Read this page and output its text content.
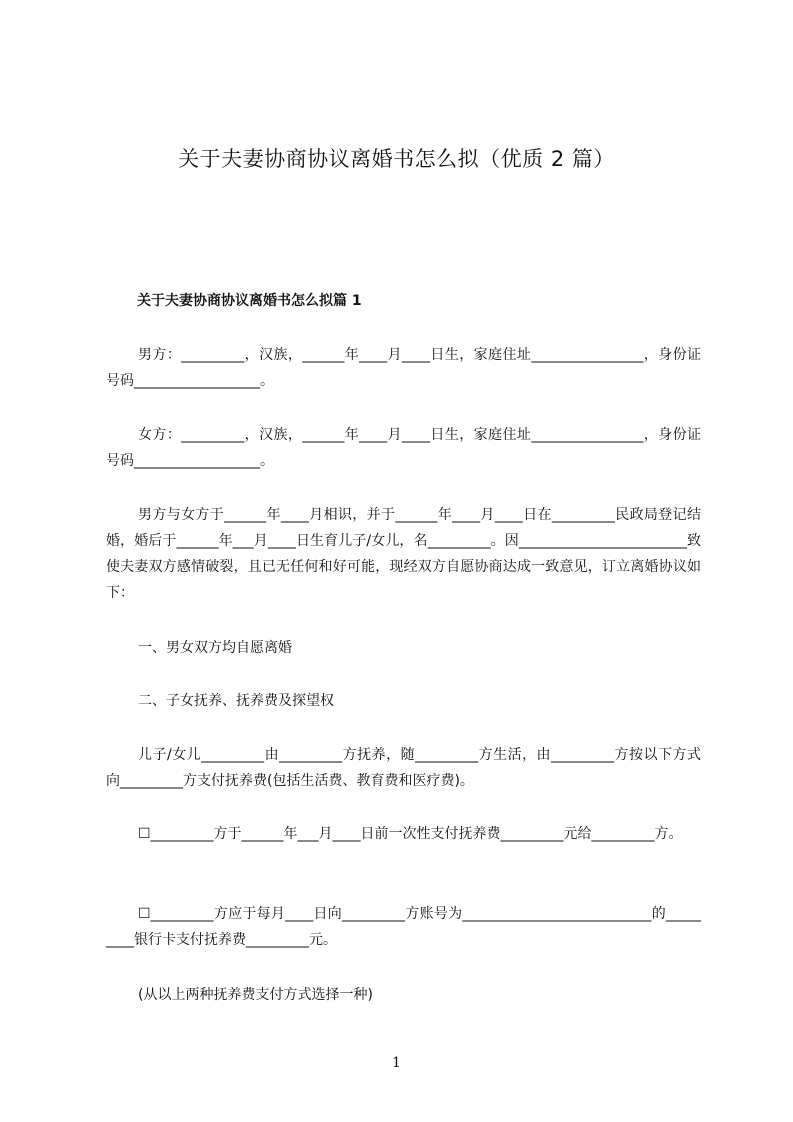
关于夫妻协商协议离婚书怎么拟（优质 2 篇）
关于夫妻协商协议离婚书怎么拟篇 1
男方：_________，汉族，______年____月____日生，家庭住址________________，身份证号码__________________。
女方：_________，汉族，______年____月____日生，家庭住址________________，身份证号码__________________。
男方与女方于______年____月相识，并于______年____月____日在_________民政局登记结婚，婚后于______年___月____日生育儿子/女儿，名_________。因________________________致使夫妻双方感情破裂，且已无任何和好可能，现经双方自愿协商达成一致意见，订立离婚协议如下：
一、男女双方均自愿离婚
二、子女抚养、抚养费及探望权
儿子/女儿_________由_________方抚养，随_________方生活，由_________方按以下方式向_________方支付抚养费(包括生活费、教育费和医疗费)。
☐_________方于______年___月____日前一次性支付抚养费_________元给_________方。
☐_________方应于每月____日向_________方账号为___________________________的_________银行卡支付抚养费_________元。
(从以上两种抚养费支付方式选择一种)
1
